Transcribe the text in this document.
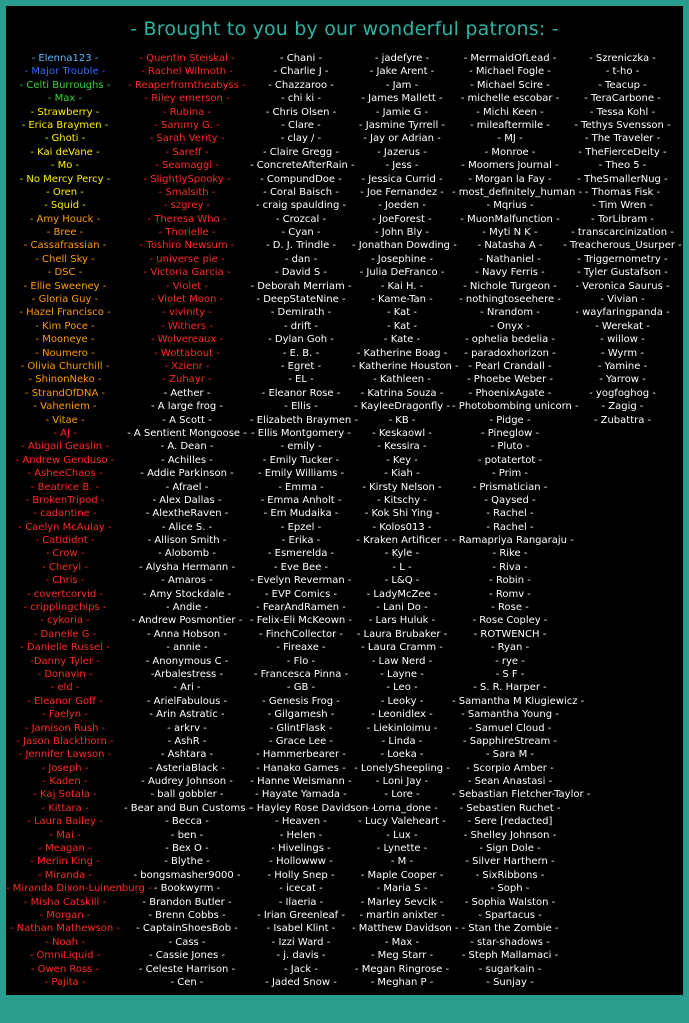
- Brought to you by our wonderful patrons: -
- Elenna123 -
- Major Trouble -
- Celti Burroughs -
- Max -
- Strawberry -
- Erica Braymen -
- Ghoti -
- Kai deVane -
- Mo -
- No Mercy Percy -
- Oren -
- Squid -
- Amy Houck -
- Bree -
- Cassafrassian -
- Chell Sky -
- DSC -
- Ellie Sweeney -
- Gloria Guy -
- Hazel Francisco -
- Kim Poce -
- Mooneye -
- Noumero -
- Olivia Churchill -
- ShinonNeko -
- StrandOfDNA -
- Vaheniem -
- Vitae -
- AJ -
- Abigail Geaslin -
- Andrew Genduso -
- AsheeChaos -
- Beatrice B. -
- BrokenTripod -
- cadantine -
- Caelyn McAulay -
- Catididnt -
- Crow -
- Cheryl -
- Chris -
- covertcorvid -
- cripplingchips -
- cykoria -
- Danelle G -
- Danielle Russel -
-Danny Tyler -
- Donavin -
- eld -
- Eleanor Goff -
- Faelyn -
- Jamison Rush -
- Jason Blackthorn -
- Jennifer Lawson -
- Joseph -
- Kaden -
- Kaj Sotala -
- Kittara -
- Laura Bailey -
- Mai -
- Meagan -
- Merlin King -
- Miranda -
- Miranda Dixon-Luinenburg -
- Misha Catskill -
- Morgan -
- Nathan Mathewson -
- Noah -
- OmniLiquid -
- Owen Ross -
- Pajita -
- Quentin Steiskal -
- Rachel Wilmoth -
- Reaperfromtheabyss -
- Riley emerson -
- Rubina -
- Sammy G. -
- Sarah Verity -
- Sareff -
- Seamaggi -
- SlightlySpooky -
- Smalsith -
- szgrey -
- Theresa Who -
- Thorielle -
- Toshiro Newsum -
- universe pie -
- Victoria Garcia -
- Violet -
- Violet Moon -
- vivinity -
- Withers -
- Wolvereaux -
- Wottabout -
- Xzienr -
- Zuhayr -
- Aether -
- A large frog -
- A Scott -
- A Sentient Mongoose -
- A. Dean -
- Achilles -
- Addie Parkinson -
- Afrael -
- Alex Dallas -
- AlextheRaven -
- Alice S. -
- Allison Smith -
- Alobomb -
- Alysha Hermann -
- Amaros -
- Amy Stockdale -
- Andie -
- Andrew Posmontier -
- Anna Hobson -
- annie -
- Anonymous C -
-Arbalestress -
- Ari -
- ArielFabulous -
- Arin Astratic -
- arkrv -
- AshR -
- Ashtara -
- AsteriaBlack -
- Audrey Johnson -
- ball gobbler -
- Bear and Bun Customs -
- Becca -
- ben -
- Bex O -
- Blythe -
- bongsmasher9000 -
- Bookwyrm -
- Brandon Butler -
- Brenn Cobbs -
- CaptainShoesBob -
- Cass -
- Cassie Jones -
- Celeste Harrison -
- Cen -
- Chani -
- Charlie J -
- Chazzaroo -
- chi ki -
- Chris Olsen -
- Clare -
- clay / -
- Claire Gregg -
- ConcreteAfterRain -
- CompundDoe -
- Coral Baisch -
- craig spaulding -
- Crozcal -
- Cyan -
- D. J. Trindle -
- dan -
- David S -
- Deborah Merriam -
- DeepStateNine -
- Demirath -
- drift -
- Dylan Goh -
- E. B. -
- Egret -
- EL -
- Eleanor Rose -
- Ellis -
- Elizabeth Braymen -
- Ellis Montgomery -
- emily -
- Emily Tucker -
- Emily Williams -
- Emma -
- Emma Anholt -
- Em Mudaika -
- Epzel -
- Erika -
- Esmerelda -
- Eve Bee -
- Evelyn Reverman -
- EVP Comics -
- FearAndRamen -
- Felix-Eli McKeown -
- FinchCollector -
- Fireaxe -
- Flo -
- Francesca Pinna -
- GB -
- Genesis Frog -
- Gilgamesh -
- GlintFlask -
- Grace Lee -
- Hammerbearer -
- Hanako Games -
- Hanne Weismann -
- Hayate Yamada -
- Hayley Rose Davidson -
- Heaven -
- Helen -
- Hivelings -
- Hollowww -
- Holly Snep -
- icecat -
- Ilaeria -
- Irian Greenleaf -
- Isabel Klint -
- Izzi Ward -
- j. davis -
- Jack -
- Jaded Snow -
- jadefyre -
- Jake Arent -
- Jam -
- James Mallett -
- Jamie G -
- Jasmine Tyrrell -
- Jay or Adrian -
- Jazerus -
- Jess -
- Jessica Currid -
- Joe Fernandez -
- Joeden -
- JoeForest -
- John Bly -
- Jonathan Dowding -
- Josephine -
- Julia DeFranco -
- Kai H. -
- Kame-Tan -
- Kat -
- Kat -
- Kate -
- Katherine Boag -
- Katherine Houston -
- Kathleen -
- Katrina Souza -
- KayleeDragonfly -
- KB -
- Keskaowl -
- Kessira -
- Key -
- Kiah -
- Kirsty Nelson -
- Kitschy -
- Kok Shi Ying -
- Kolos013 -
- Kraken Artificer -
- Kyle -
- L -
- L&Q -
- LadyMcZee -
- Lani Do -
- Lars Huluk -
- Laura Brubaker -
- Laura Cramm -
- Law Nerd -
- Layne -
- Leo -
- Leoky -
- Leonidlex -
- Liekinloimu -
- Linda -
- Loeka -
- LonelySheepling -
- Loni Jay -
- Lore -
- Lorna_done -
- Lucy Valeheart -
- Lux -
- Lynette -
- M -
- Maple Cooper -
- Maria S -
- Marley Sevcik -
- martin anixter -
- Matthew Davidson -
- Max -
- Meg Starr -
- Megan Ringrose -
- Meghan P -
- MermaidOfLead -
- Michael Fogle -
- Michael Scire -
- michelle escobar -
- Michi Keen -
- mileaftermile -
- MJ -
- Monroe -
- Moomers Journal -
- Morgan la Fay -
- most_definitely_human -
- Mqrius -
- MuonMalfunction -
- Myti N K -
- Natasha A -
- Nathaniel -
- Navy Ferris -
- Nichole Turgeon -
- nothingtoseehere -
- Nrandom -
- Onyx -
- ophelia bedelia -
- paradoxhorizon -
- Pearl Crandall -
- Phoebe Weber -
- PhoenixAgate -
- Photobombing unicorn -
- Pidge -
- Pineglow -
- Pluto -
- potatertot -
- Prim -
- Prismatician -
- Qaysed -
- Rachel -
- Rachel -
- Ramapriya Rangaraju -
- Rike -
- Riva -
- Robin -
- Romv -
- Rose -
- Rose Copley -
- ROTWENCH -
- Ryan -
- rye -
- S F -
- S. R. Harper -
- Samantha M Klugiewicz -
- Samantha Young -
- Samuel Cloud -
- SapphireStream -
- Sara M -
- Scorpio Amber -
- Sean Anastasi -
- Sebastian Fletcher-Taylor -
- Sebastien Ruchet -
- Sere [redacted]
- Shelley Johnson -
- Sign Dole -
- Silver Harthern -
- SixRibbons -
- Soph -
- Sophia Walston -
- Spartacus -
- Stan the Zombie -
- star-shadows -
- Steph Mallamaci -
- sugarkain -
- Sunjay -
- Szreniczka -
- t-ho -
- Teacup -
- TeraCarbone -
- Tessa Kohl -
- Tethys Svensson -
- The Traveler -
- TheFierceDeity -
- Theo 5 -
- TheSmallerNug -
- Thomas Fisk -
- Tim Wren -
- TorLibram -
- transcarcinization -
- Treacherous_Usurper -
- Triggernometry -
- Tyler Gustafson -
- Veronica Saurus -
- Vivian -
- wayfaringpanda -
- Werekat -
- willow -
- Wyrm -
- Yamine -
- Yarrow -
- yogfoghog -
- Zagig -
- Zubattra -
